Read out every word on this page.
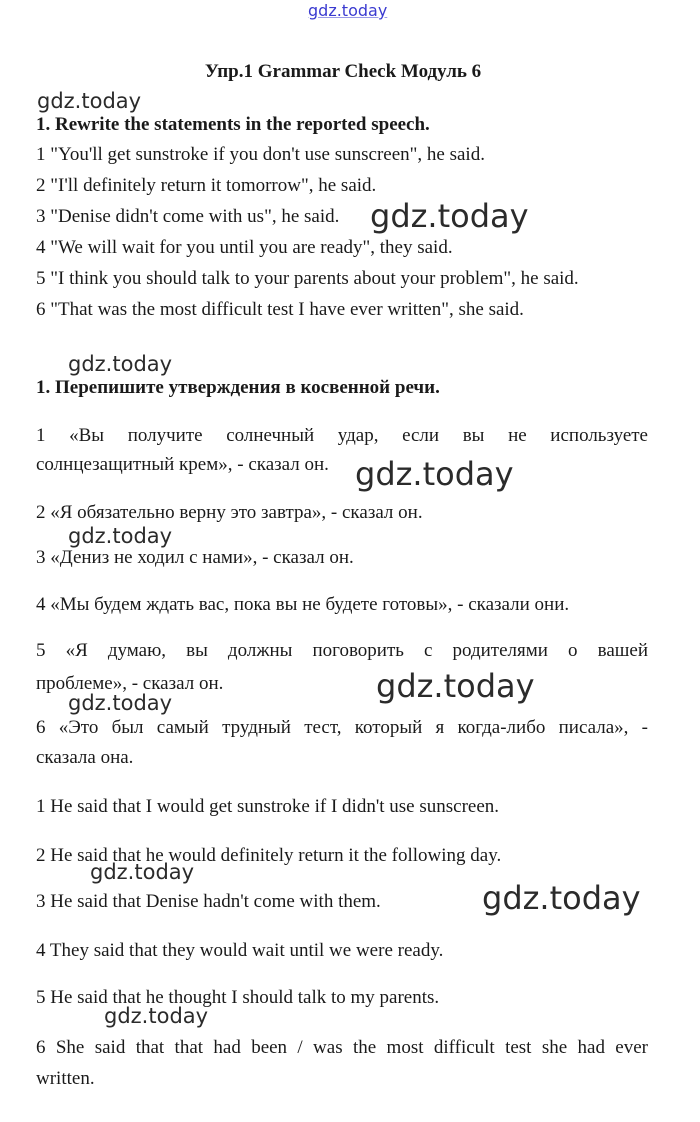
gdz.today
gdz.today
gdz.today
gdz.today
gdz.today
gdz.today
gdz.today
gdz.today
gdz.today
gdz.today
gdz.today
Упр.1 Grammar Check Модуль 6
1. Rewrite the statements in the reported speech.
1 "You'll get sunstroke if you don't use sunscreen", he said.
2 "I'll definitely return it tomorrow", he said.
3 "Denise didn't come with us", he said.
4 "We will wait for you until you are ready", they said.
5 "I think you should talk to your parents about your problem", he said.
6 "That was the most difficult test I have ever written", she said.
1. Перепишите утверждения в косвенной речи.
1 «Вы получите солнечный удар, если вы не используете
солнцезащитный крем», - сказал он.
2 «Я обязательно верну это завтра», - сказал он.
3 «Дениз не ходил с нами», - сказал он.
4 «Мы будем ждать вас, пока вы не будете готовы», - сказали они.
5 «Я думаю, вы должны поговорить с родителями о вашей
проблеме», - сказал он.
6 «Это был самый трудный тест, который я когда-либо писала», -
сказала она.
1 He said that I would get sunstroke if I didn't use sunscreen.
2 He said that he would definitely return it the following day.
3 He said that Denise hadn't come with them.
4 They said that they would wait until we were ready.
5 He said that he thought I should talk to my parents.
6 She said that that had been / was the most difficult test she had ever
written.
